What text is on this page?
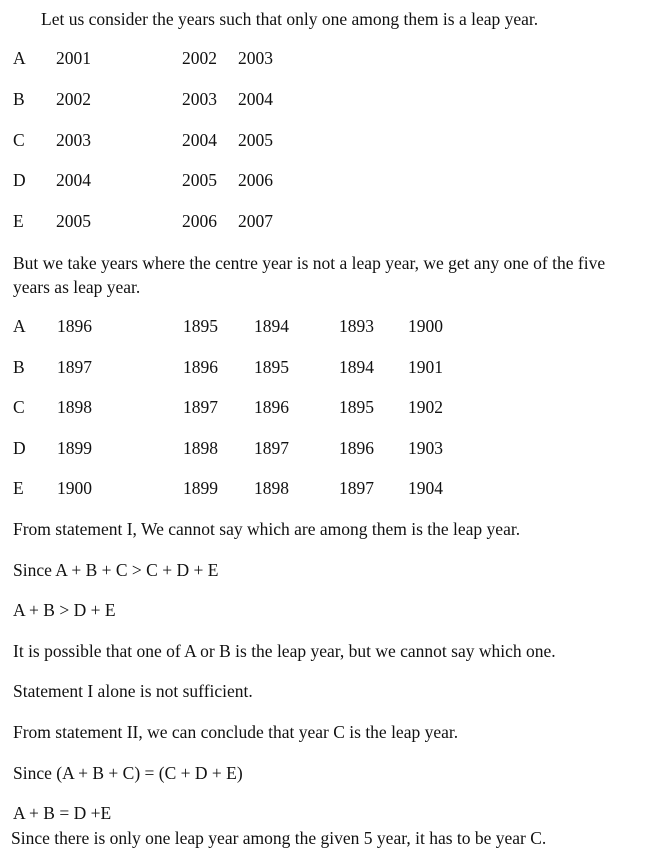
Let us consider the years such that only one among them is a leap year.
A 2001	2002 2003
B 2002	2003 2004
C 2003	2004 2005
D 2004	2005 2006
E 2005	2006 2007
But we take years where the centre year is not a leap year, we get any one of the five
years as leap year.
A 1896	1895 1894	1893 1900
B 1897	1896 1895	1894 1901
C 1898	1897 1896	1895 1902
D 1899	1898 1897	1896 1903
E 1900	1899 1898	1897 1904
From statement I, We cannot say which are among them is the leap year.
Since A + B + C > C + D + E
A + B > D + E
It is possible that one of A or B is the leap year, but we cannot say which one.
Statement I alone is not sufficient.
From statement II, we can conclude that year C is the leap year.
Since (A + B + C) = (C + D + E)
A + B = D +E
Since there is only one leap year among the given 5 year, it has to be year C.
